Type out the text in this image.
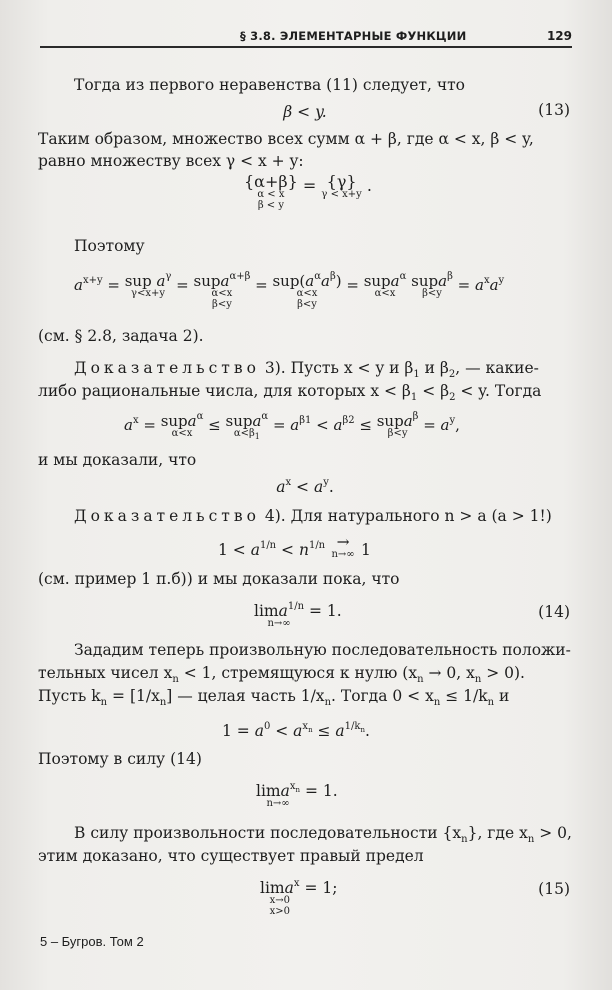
§ 3.8. ЭЛЕМЕНТАРНЫЕ ФУНКЦИИ	129
Тогда из первого неравенства (11) следует, что
β < y.	(13)
Таким образом, множество всех сумм α + β, где α < x, β < y,
равно множеству всех γ < x + y:
{α+β}
α < x
β < y
= {γ}
γ < x+y .
Поэтому
$a^{x+y}$ = sup $a^\gamma$
γ<x+y = supa$^{\alpha+\beta}$
α<x
β<y
= $sup(a^\alpha a^\beta)$
α<x
β<y
= supa$^\alpha$
α<x
supa$^\beta$
$\beta<y = a^xa^y$
(см. § 2.8, задача 2).
Доказательство 3). Пусть x < y и $\beta_1$ и $\beta_2$, — какие-
либо рациональные числа, для которых $x < \beta_1 < \beta_2 < y$. Тогда
$a^x$ = supa$^\alpha$
α<x ≤ supa$^\alpha$
$\alpha<\beta_1$
= $a^{\beta 1} < a^{\beta 2}$ ≤ supa$^\beta$
$\beta<y = a^y$,
и мы доказали, что
$a^x < a^y$.
Доказательство 4). Для натурального n > a (a > 1!)
$1 < a^{1/n} < n^{1/n}$ →
n→∞ 1
(см. пример 1 п.б)) и мы доказали пока, что
lima$^{1/n}$
n→∞
= 1.	(14)
Зададим теперь произвольную последовательность положи-
тельных чисел $x_n < 1$, стремящуюся к нулю ($x_n \to 0$, $x_n > 0$).
Пусть $k_n = [1/x_n]$ — целая часть $1/x_n$. Тогда $0 < x_n \le 1/k_n$ и
$1 = a^0 < a^{x_n} \le a^{1/k_n}$.
Поэтому в силу (14)
lima$^{x_n}$
n→∞
= 1.
В силу произвольности последовательности $\{x_n\}$, где $x_n > 0$,
этим доказано, что существует правый предел
lima$^x$
x→0
x>0
= 1;	(15)
5 – Бугров. Том 2
